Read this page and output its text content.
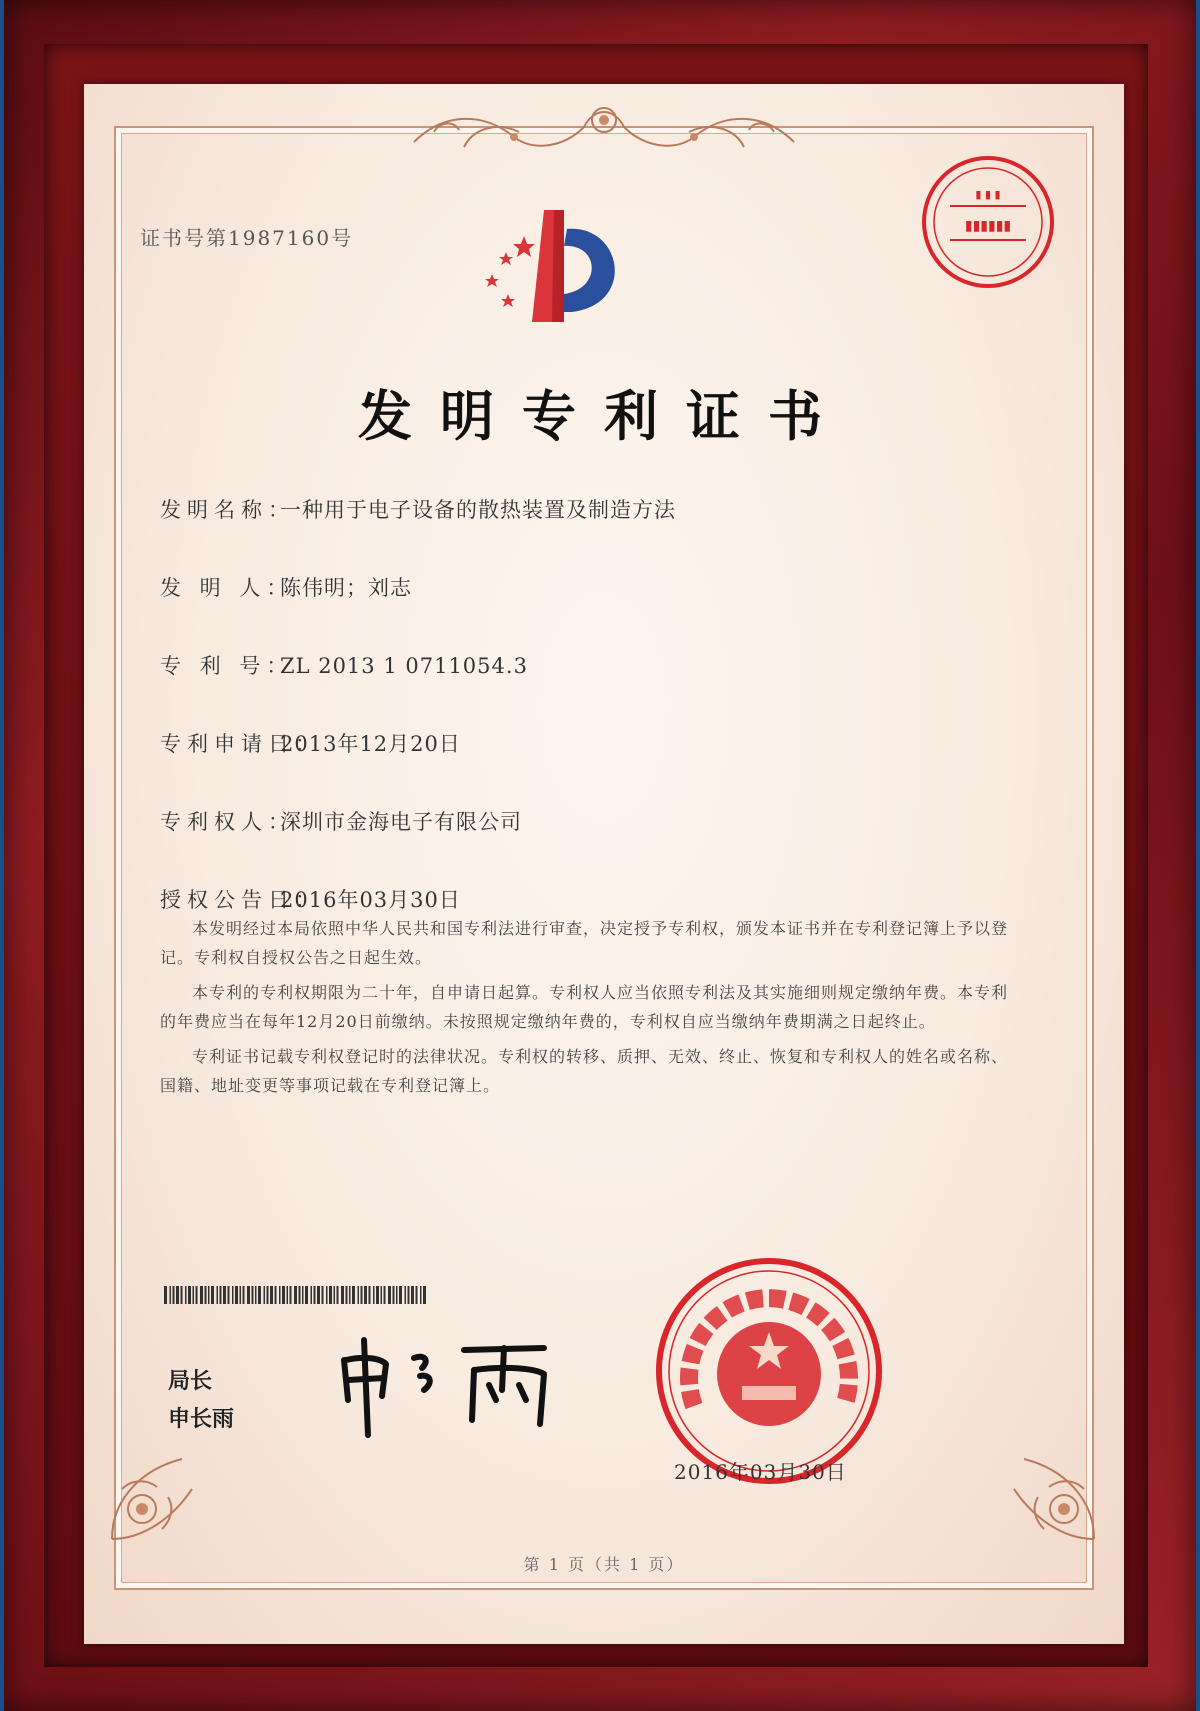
证书号第1987160号	▮▮▮▮▮▮
▮ ▮ ▮
发明专利证书
发明名称：一种用于电子设备的散热装置及制造方法
发 明 人：陈伟明；刘志
专 利 号：ZL 2013 1 0711054.3
专利申请日：2013年12月20日
专利权人：深圳市金海电子有限公司
授权公告日：2016年03月30日

本发明经过本局依照中华人民共和国专利法进行审查，决定授予专利权，颁发本证书并在专利登记簿上予以登记。专利权自授权公告之日起生效。

本专利的专利权期限为二十年，自申请日起算。专利权人应当依照专利法及其实施细则规定缴纳年费。本专利的年费应当在每年12月20日前缴纳。未按照规定缴纳年费的，专利权自应当缴纳年费期满之日起终止。

专利证书记载专利权登记时的法律状况。专利权的转移、质押、无效、终止、恢复和专利权人的姓名或名称、国籍、地址变更等事项记载在专利登记簿上。

局长
申长雨
2016年03月30日
第 1 页（共 1 页）
